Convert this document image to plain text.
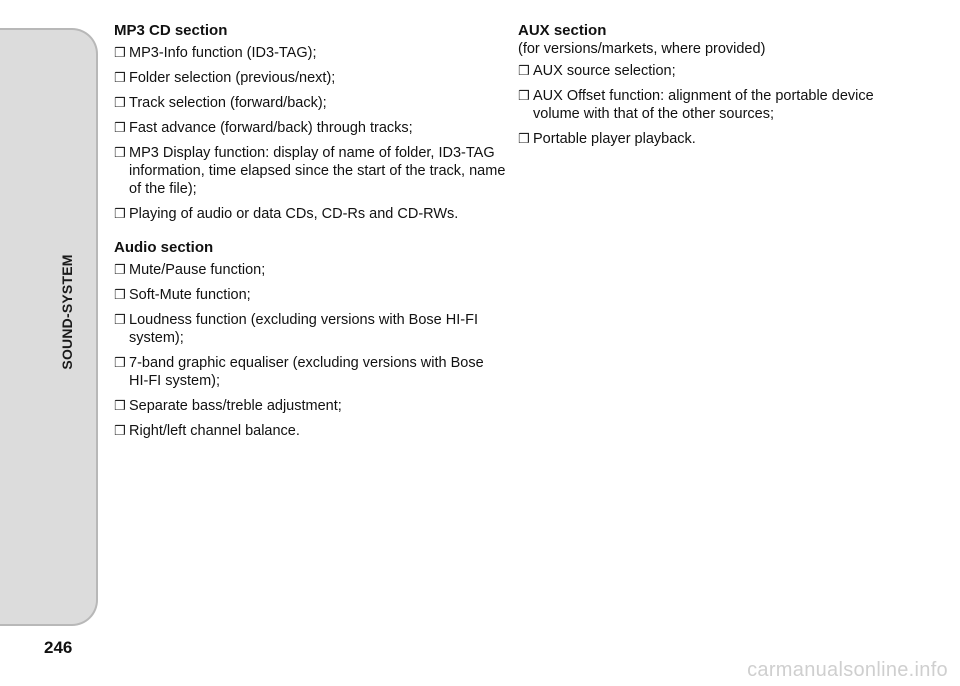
SOUND-SYSTEM
MP3 CD section
❒ MP3-Info function (ID3-TAG);
❒ Folder selection (previous/next);
❒ Track selection (forward/back);
❒ Fast advance (forward/back) through tracks;
❒ MP3 Display function: display of name of folder, ID3-TAG information, time elapsed since the start of the track, name of the file);
❒ Playing of audio or data CDs, CD-Rs and CD-RWs.
Audio section
❒ Mute/Pause function;
❒ Soft-Mute function;
❒ Loudness function (excluding versions with Bose HI-FI system);
❒ 7-band graphic equaliser (excluding versions with Bose HI-FI system);
❒ Separate bass/treble adjustment;
❒ Right/left channel balance.
AUX section

(for versions/markets, where provided)

❒ AUX source selection;
❒ AUX Offset function: alignment of the portable device volume with that of the other sources;
❒ Portable player playback.
246
carmanualsonline.info
